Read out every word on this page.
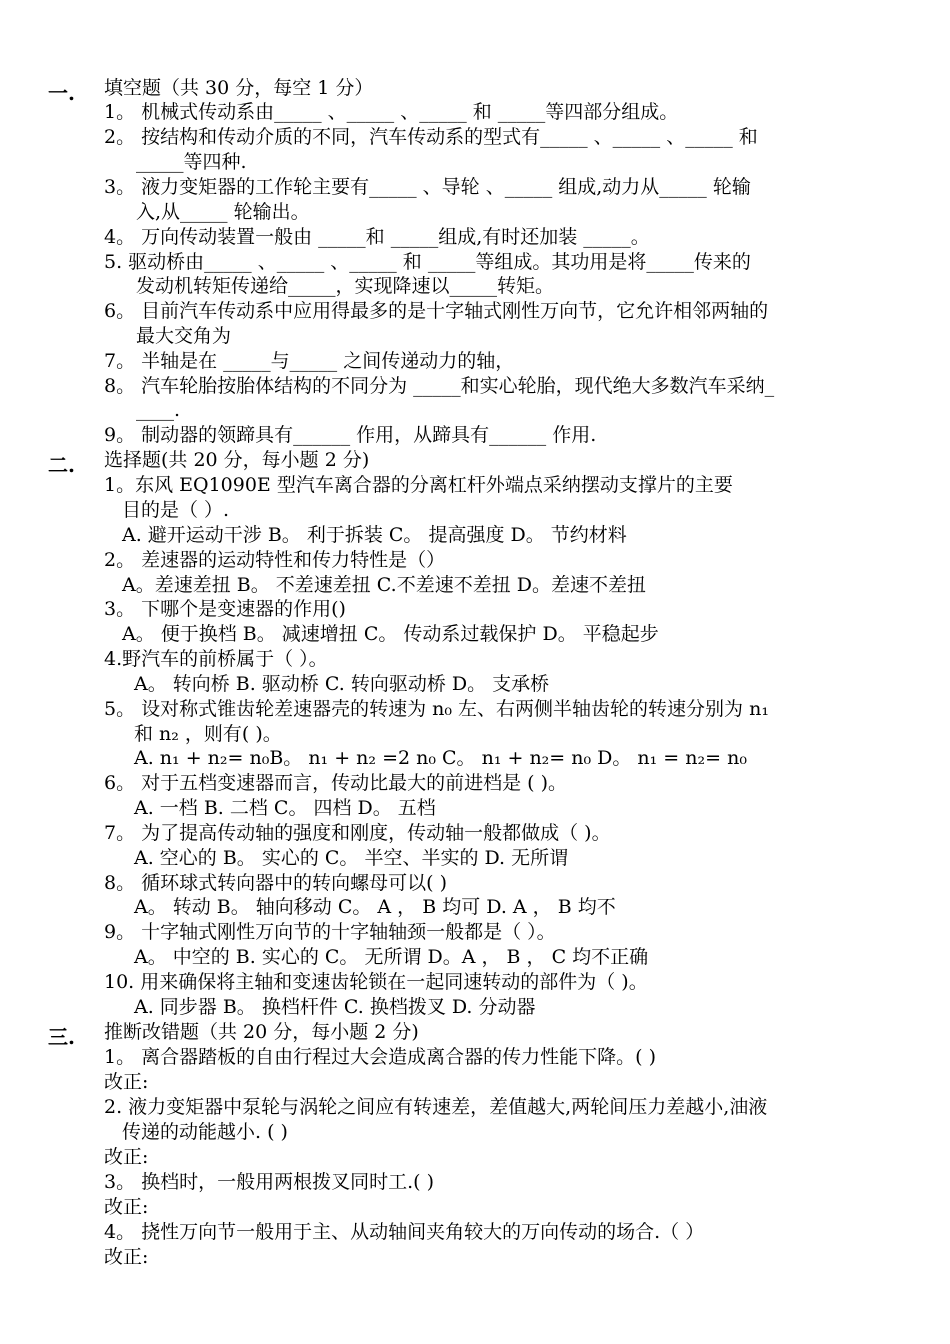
一. 填空题（共 30 分，每空 1 分）
1。 机械式传动系由_____ 、_____ 、_____ 和 _____等四部分组成。
2。 按结构和传动介质的不同，汽车传动系的型式有_____ 、_____ 、_____ 和
_____等四种.
3。 液力变矩器的工作轮主要有_____ 、导轮 、_____ 组成,动力从_____ 轮输
入,从_____ 轮输出。
4。 万向传动装置一般由 _____和 _____组成,有时还加装 _____。
5. 驱动桥由_____ 、_____ 、_____ 和 _____等组成。其功用是将_____传来的
发动机转矩传递给_____，实现降速以_____转矩。
6。 目前汽车传动系中应用得最多的是十字轴式刚性万向节，它允许相邻两轴的
最大交角为
7。 半轴是在 _____与_____ 之间传递动力的轴，
8。 汽车轮胎按胎体结构的不同分为 _____和实心轮胎，现代绝大多数汽车采纳_
____.
9。 制动器的领蹄具有______ 作用，从蹄具有______ 作用.
二. 选择题(共 20 分，每小题 2 分)
1。东风 EQ1090E 型汽车离合器的分离杠杆外端点采纳摆动支撑片的主要
目的是（ ）.
A. 避开运动干涉 B。 利于拆装 C。 提高强度 D。 节约材料
2。 差速器的运动特性和传力特性是（）
A。差速差扭 B。 不差速差扭 C.不差速不差扭 D。差速不差扭
3。 下哪个是变速器的作用()
A。 便于换档 B。 减速增扭 C。 传动系过载保护 D。 平稳起步
4.野汽车的前桥属于（ ）。
A。 转向桥 B. 驱动桥 C. 转向驱动桥 D。 支承桥
5。 设对称式锥齿轮差速器壳的转速为 n₀ 左、右两侧半轴齿轮的转速分别为 n₁
和 n₂ ，则有( )。
A. n₁ + n₂= n₀B。 n₁ + n₂ =2 n₀ C。 n₁ + n₂= n₀ D。 n₁ = n₂= n₀
6。 对于五档变速器而言，传动比最大的前进档是 ( )。
A. 一档 B. 二档 C。 四档 D。 五档
7。 为了提高传动轴的强度和刚度，传动轴一般都做成（ )。
A. 空心的 B。 实心的 C。 半空、半实的 D. 无所谓
8。 循环球式转向器中的转向螺母可以( )
A。 转动 B。 轴向移动 C。 A ， B 均可 D. A ， B 均不
9。 十字轴式刚性万向节的十字轴轴颈一般都是（ ）。
A。 中空的 B. 实心的 C。 无所谓 D。A ， B ， C 均不正确
10. 用来确保将主轴和变速齿轮锁在一起同速转动的部件为（ )。
A. 同步器 B。 换档杆件 C. 换档拨叉 D. 分动器
三. 推断改错题（共 20 分，每小题 2 分)
1。 离合器踏板的自由行程过大会造成离合器的传力性能下降。( )
改正:
2. 液力变矩器中泵轮与涡轮之间应有转速差，差值越大,两轮间压力差越小,油液
传递的动能越小. ( )
改正:
3。 换档时，一般用两根拨叉同时工.( )
改正:
4。 挠性万向节一般用于主、从动轴间夹角较大的万向传动的场合.（ ）
改正:
